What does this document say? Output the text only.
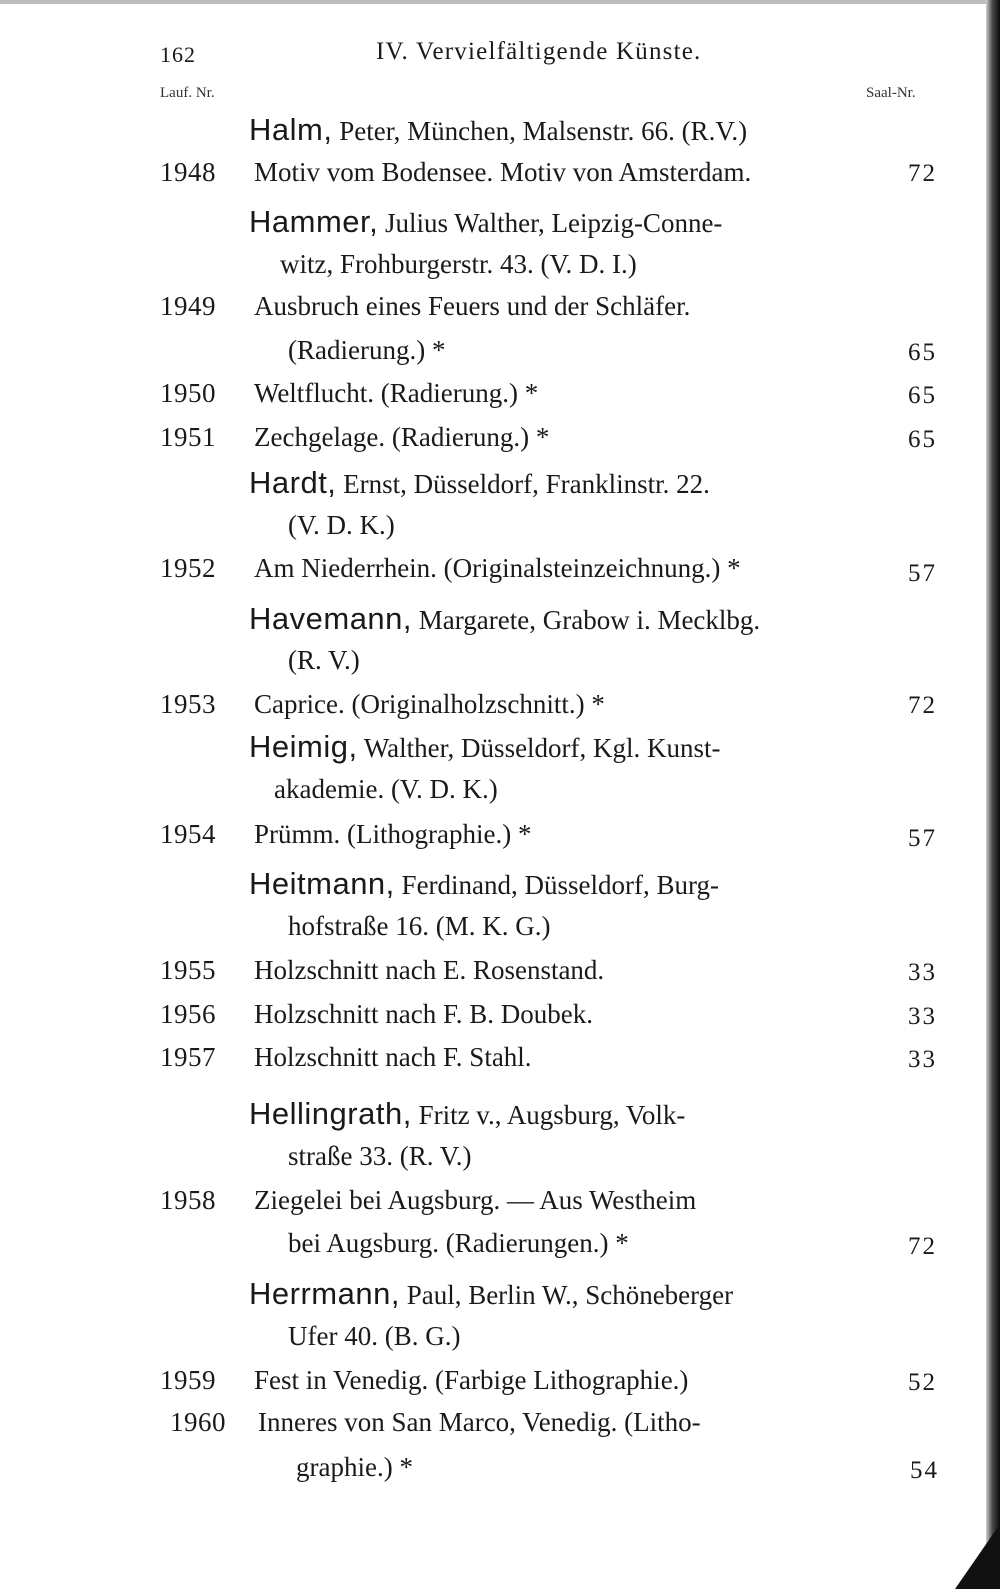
162	IV. Vervielfältigende Künste.
Lauf. Nr.	Saal-Nr.
Halm, Peter, München, Malsenstr. 66. (R.V.)
1948 Motiv vom Bodensee. Motiv von Amsterdam.	72
Hammer, Julius Walther, Leipzig-Conne-
witz, Frohburgerstr. 43. (V. D. I.)
1949 Ausbruch eines Feuers und der Schläfer.
(Radierung.) *	65
1950 Weltflucht. (Radierung.) *	65
1951 Zechgelage. (Radierung.) *	65
Hardt, Ernst, Düsseldorf, Franklinstr. 22.
(V. D. K.)
1952 Am Niederrhein. (Originalsteinzeichnung.) *	57
Havemann, Margarete, Grabow i. Mecklbg.
(R. V.)
1953 Caprice. (Originalholzschnitt.) *	72
Heimig, Walther, Düsseldorf, Kgl. Kunst-
akademie. (V. D. K.)
1954 Prümm. (Lithographie.) *	57
Heitmann, Ferdinand, Düsseldorf, Burg-
hofstraße 16. (M. K. G.)
1955 Holzschnitt nach E. Rosenstand.	33
1956 Holzschnitt nach F. B. Doubek.	33
1957 Holzschnitt nach F. Stahl.	33
Hellingrath, Fritz v., Augsburg, Volk-
straße 33. (R. V.)
1958 Ziegelei bei Augsburg. — Aus Westheim
bei Augsburg. (Radierungen.) *	72
Herrmann, Paul, Berlin W., Schöneberger
Ufer 40. (B. G.)
1959 Fest in Venedig. (Farbige Lithographie.)	52
1960 Inneres von San Marco, Venedig. (Litho-
graphie.) *	54
